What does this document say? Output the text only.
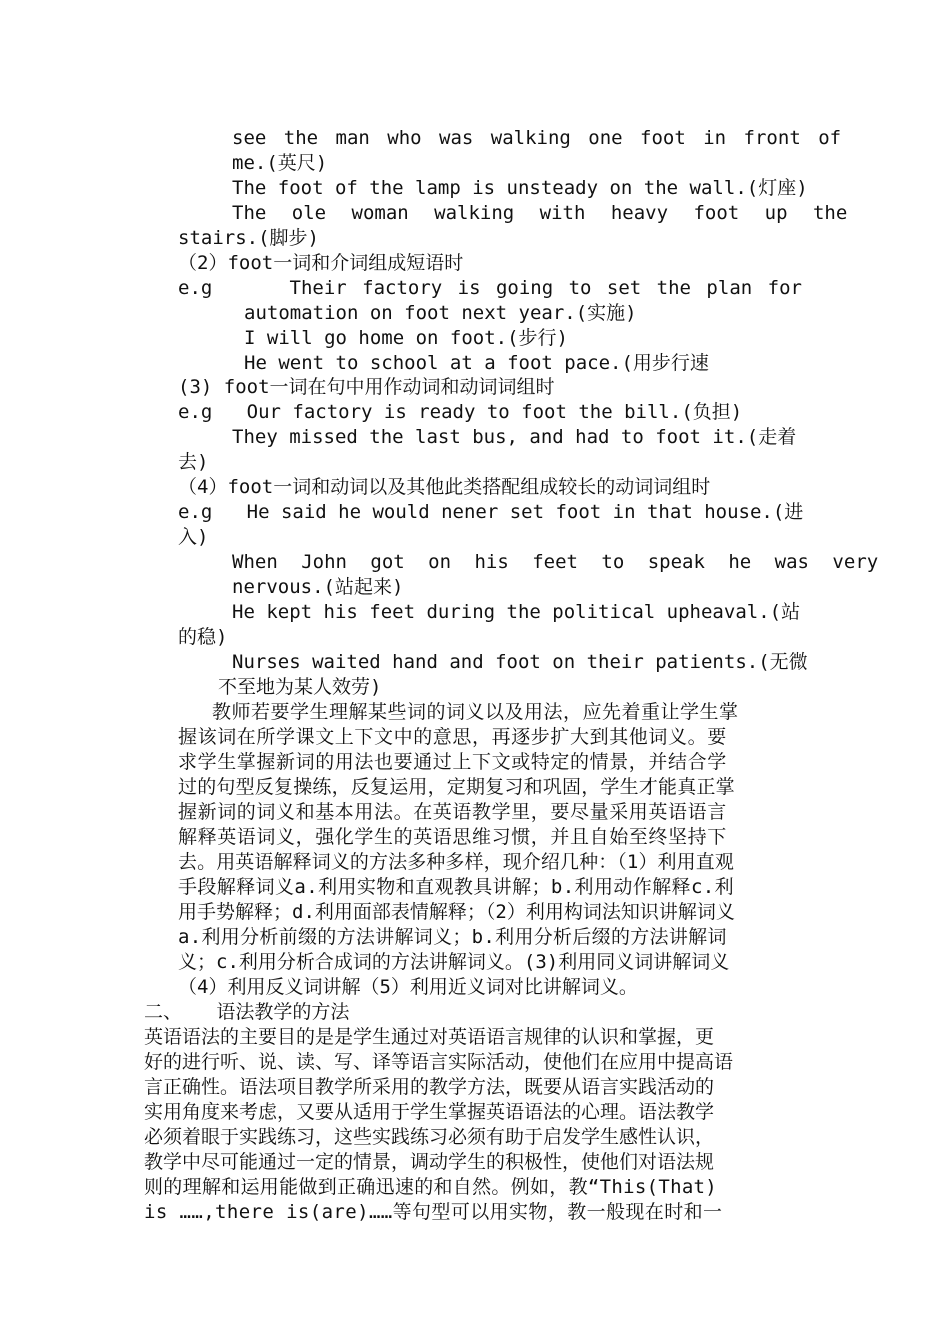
see the man who was walking one foot in front of
me.(英尺)
The foot of the lamp is unsteady on the wall.(灯座)
The ole woman walking with heavy foot up the
stairs.(脚步)
（2）foot一词和介词组成短语时
e.g     Their factory is going to set the plan for
automation on foot next year.(实施)
I will go home on foot.(步行)
He went to school at a foot pace.(用步行速
(3) foot一词在句中用作动词和动词词组时
e.g   Our factory is ready to foot the bill.(负担)
They missed the last bus, and had to foot it.(走着
去)
（4）foot一词和动词以及其他此类搭配组成较长的动词词组时
e.g   He said he would nener set foot in that house.(进
入)
When John got on his feet to speak he was very
nervous.(站起来)
He kept his feet during the political upheaval.(站
的稳)
Nurses waited hand and foot on their patients.(无微
不至地为某人效劳)
教师若要学生理解某些词的词义以及用法，应先着重让学生掌
握该词在所学课文上下文中的意思，再逐步扩大到其他词义。要
求学生掌握新词的用法也要通过上下文或特定的情景，并结合学
过的句型反复操练，反复运用，定期复习和巩固，学生才能真正掌
握新词的词义和基本用法。在英语教学里，要尽量采用英语语言
解释英语词义，强化学生的英语思维习惯，并且自始至终坚持下
去。用英语解释词义的方法多种多样，现介绍几种：（1）利用直观
手段解释词义a.利用实物和直观教具讲解；b.利用动作解释c.利
用手势解释；d.利用面部表情解释；（2）利用构词法知识讲解词义
a.利用分析前缀的方法讲解词义；b.利用分析后缀的方法讲解词
义；c.利用分析合成词的方法讲解词义。(3)利用同义词讲解词义
（4）利用反义词讲解（5）利用近义词对比讲解词义。
二、   语法教学的方法
英语语法的主要目的是是学生通过对英语语言规律的认识和掌握，更
好的进行听、说、读、写、译等语言实际活动，使他们在应用中提高语
言正确性。语法项目教学所采用的教学方法，既要从语言实践活动的
实用角度来考虑，又要从适用于学生掌握英语语法的心理。语法教学
必须着眼于实践练习，这些实践练习必须有助于启发学生感性认识，
教学中尽可能通过一定的情景，调动学生的积极性，使他们对语法规
则的理解和运用能做到正确迅速的和自然。例如，教“This(That)
is ……,there is(are)……等句型可以用实物，教一般现在时和一
